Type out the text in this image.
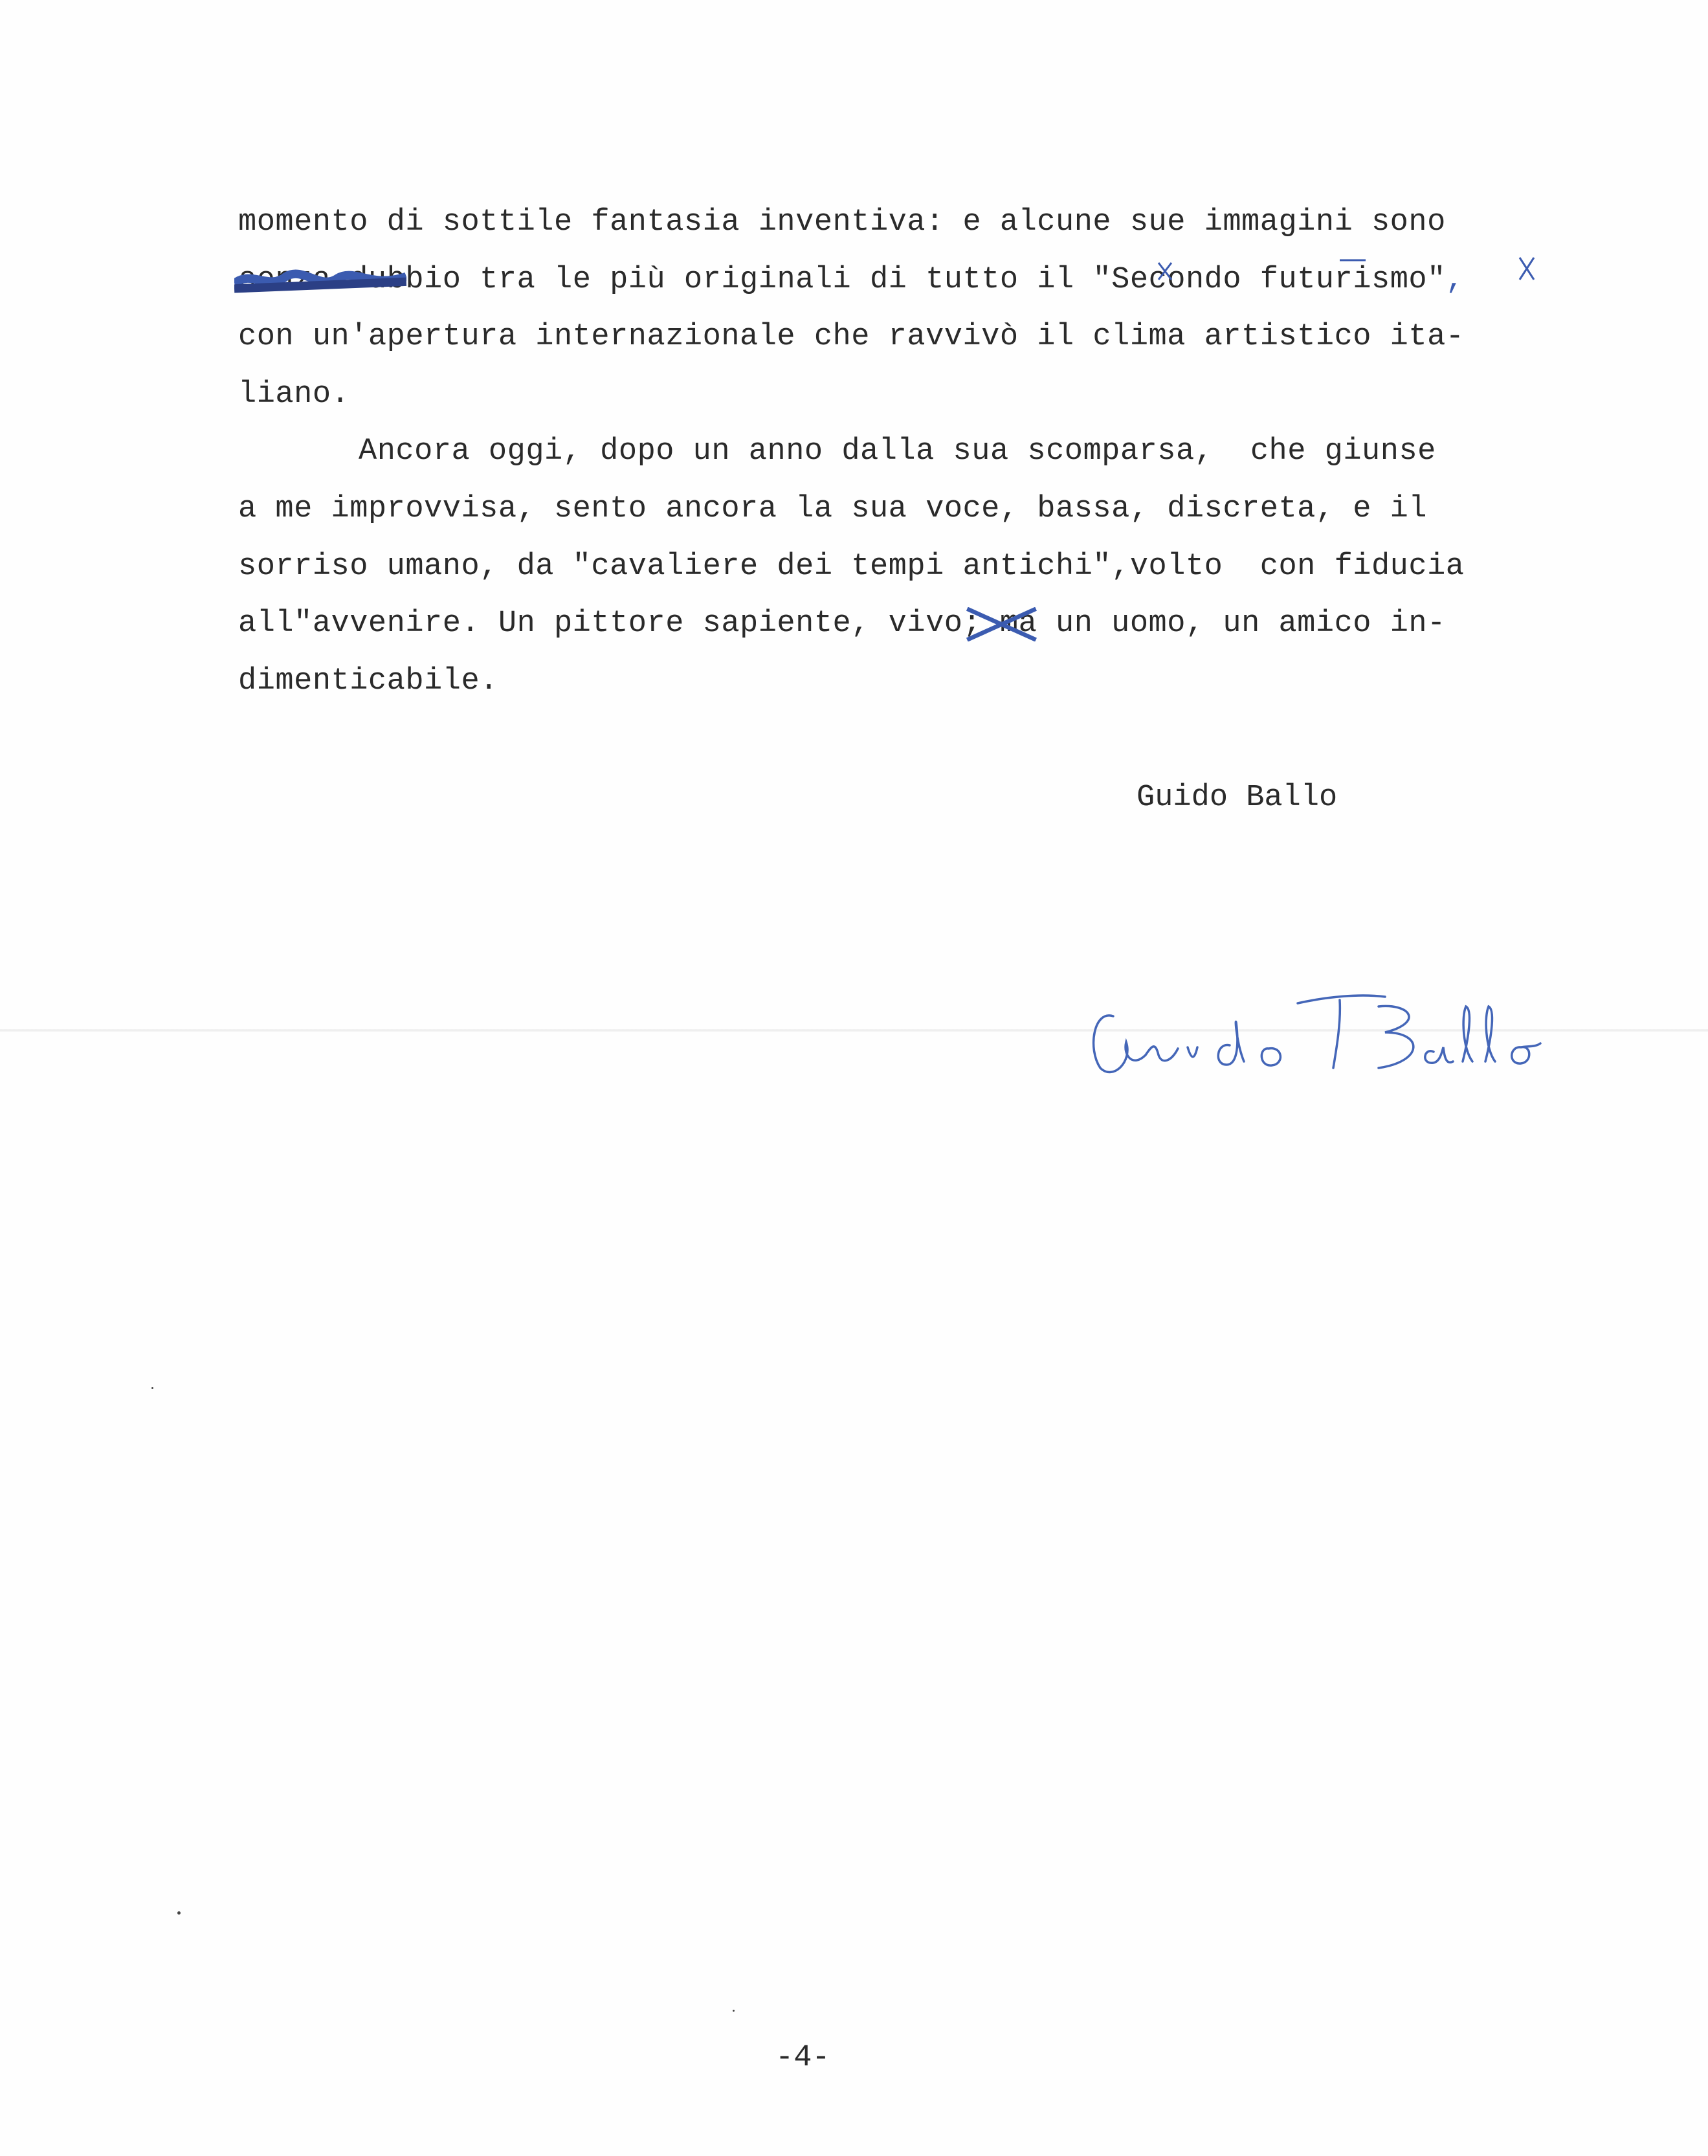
momento di sottile fantasia inventiva: e alcune sue immagini sono
senza dubbio
tra le più originali di tutto il "Secondo futurismo",
con un'apertura internazionale che ravvivò il clima artistico ita-
liano.
Ancora oggi, dopo un anno dalla sua scomparsa,  che giunse
a me improvvisa, sento ancora la sua voce, bassa, discreta, e il
sorriso umano, da "cavaliere dei tempi antichi",volto  con fiducia
all"avvenire. Un pittore sapiente, vivo; ma
un uomo, un amico in-
dimenticabile.
Guido Ballo
-4-
